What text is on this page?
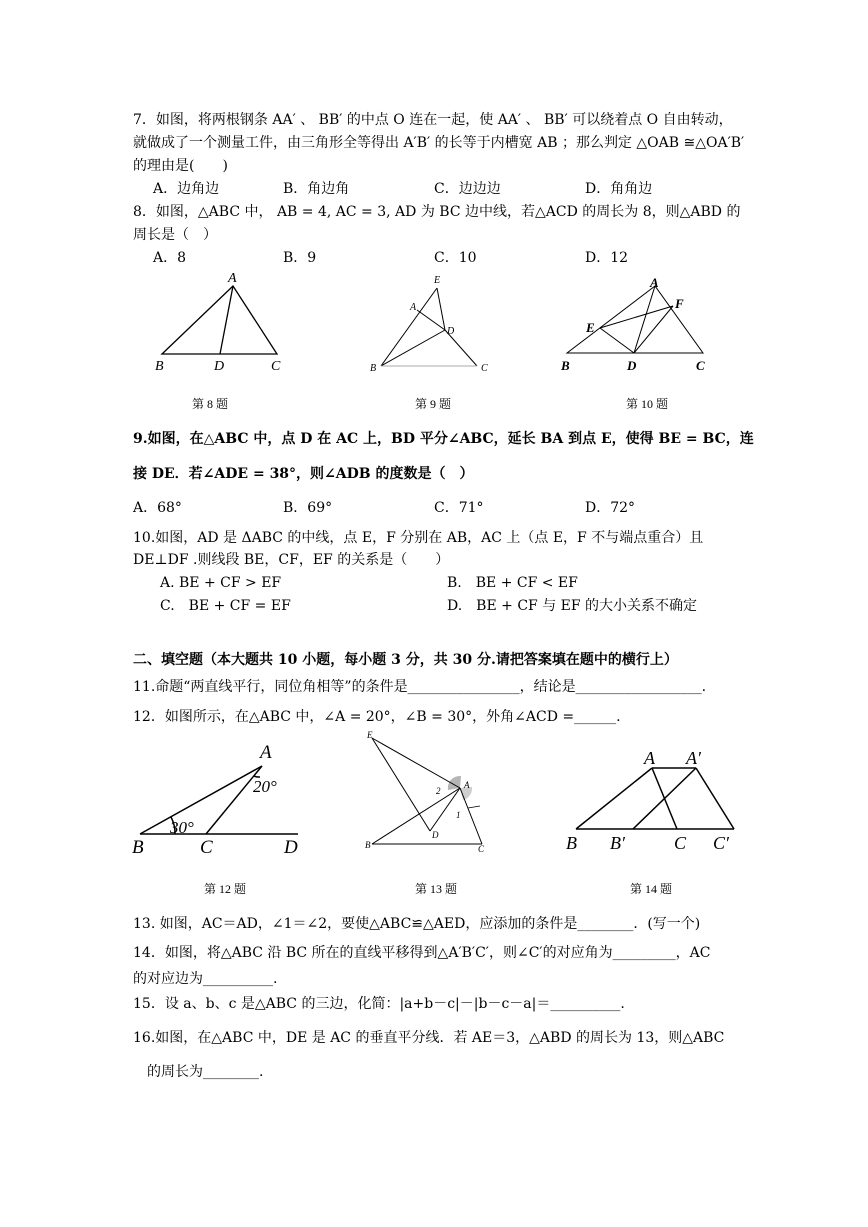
7．如图，将两根钢条 AA′ 、 BB′ 的中点 O 连在一起，使 AA′ 、 BB′ 可以绕着点 O 自由转动，
就做成了一个测量工件，由三角形全等得出 A′B′ 的长等于内槽宽 AB ；那么判定 △OAB ≅△OA′B′
的理由是(　　)
A．边角边	B．角边角	C．边边边	D．角角边
8．如图，△ABC 中， AB = 4, AC = 3, AD 为 BC 边中线，若△ACD 的周长为 8，则△ABD 的
周长是（　）
A．8	B．9	C．10	D．12
A
B	D	C
第 8 题
E
A
D
B	C
第 9 题
A
F
E
B	D	C
第 10 题
9.如图，在△ABC 中，点 D 在 AC 上，BD 平分∠ABC，延长 BA 到点 E，使得 BE = BC，连
接 DE．若∠ADE = 38°，则∠ADB 的度数是（　）
A．68°	B．69°	C．71°	D．72°
10.如图，AD 是 ΔABC 的中线，点 E，F 分别在 AB，AC 上（点 E，F 不与端点重合）且
DE⊥DF .则线段 BE，CF，EF 的关系是（　　）
A. BE + CF > EF	B.　BE + CF < EF
C.　BE + CF = EF	D.　BE + CF 与 EF 的大小关系不确定
二、填空题（本大题共 10 小题，每小题 3 分，共 30 分.请把答案填在题中的横行上）
11.命题“两直线平行，同位角相等”的条件是________________，结论是__________________.
12．如图所示，在△ABC 中，∠A = 20°，∠B = 30°，外角∠ACD =______.
A
20°
30°
B	C	D
第 12 题
E
A
2
1
D
B	C
第 13 题
A A′
B B′	C C′
第 14 题
13. 如图，AC＝AD，∠1＝∠2，要使△ABC≌△AED，应添加的条件是________．(写一个)
14．如图，将△ABC 沿 BC 所在的直线平移得到△A′B′C′，则∠C′的对应角为_________，AC
的对应边为__________.
15．设 a、b、c 是△ABC 的三边，化简：|a+b－c|－|b－c－a|＝__________.
16.如图，在△ABC 中，DE 是 AC 的垂直平分线．若 AE＝3，△ABD 的周长为 13，则△ABC
的周长为________.
